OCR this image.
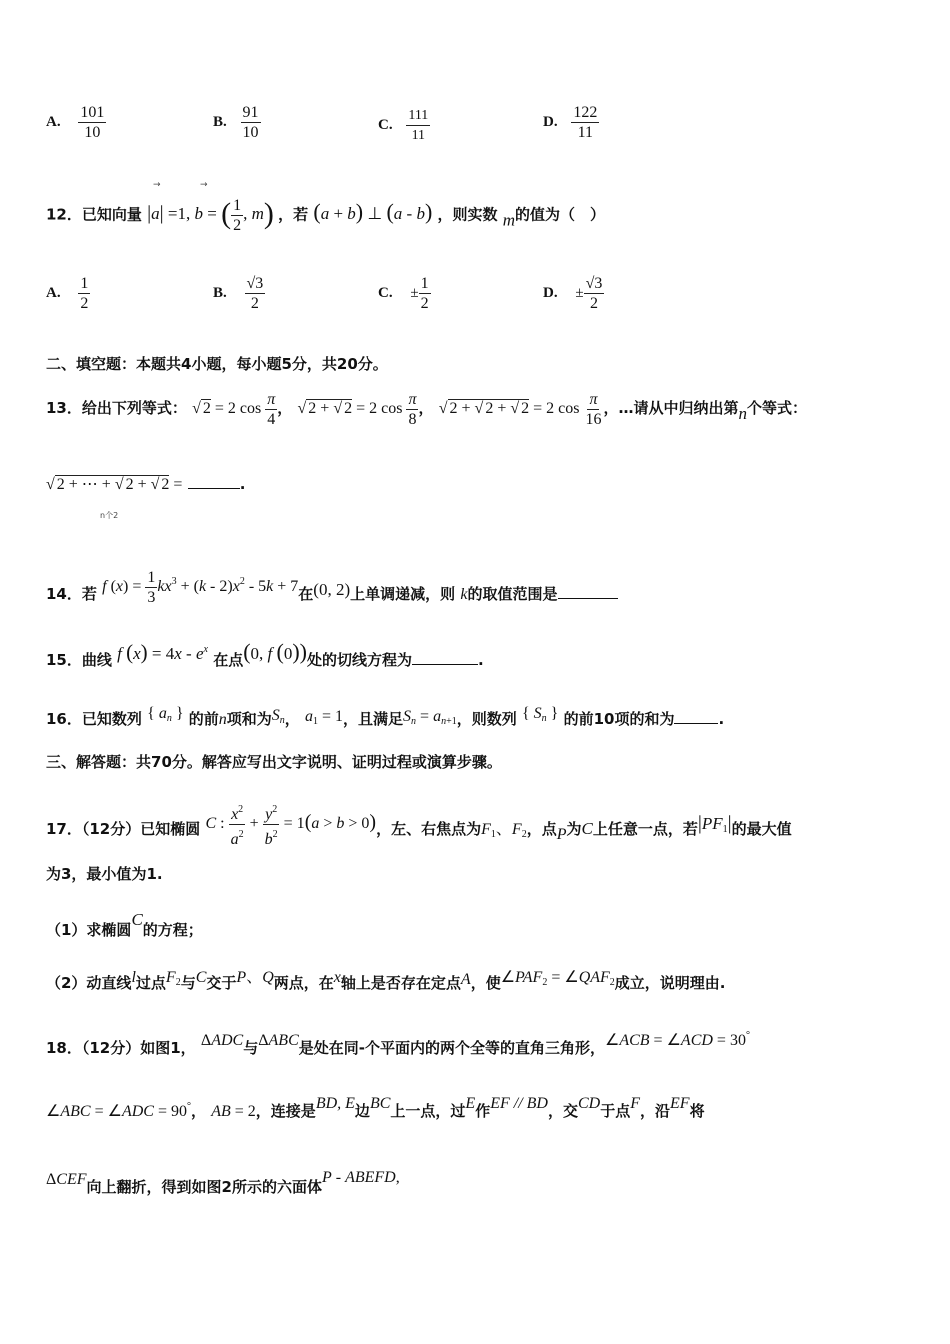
A. $\frac{101}{10}$	B. $\frac{91}{10}$	C. $\frac{111}{11}$	D. $\frac{122}{11}$
12．已知向量 |a| =1, b = ( $\frac{1}{2}$ , m) ，若 (a + b) ⊥ (a - b) ，则实数 m的值为（　）
→	→
A. $\frac{1}{2}$	B. $\frac{√3}{2}$	C. ± $\frac{1}{2}$	D. ± $\frac{√3}{2}$
二、填空题：本题共4小题，每小题5分，共20分。
13．给出下列等式： √ 2 = 2 $\cos \frac{\pi}{4}$ ， √ 2 + √ 2 = 2 $\cos \frac{\pi}{8}$ ， √ 2 + √ 2 + √ 2 = 2 $\cos \frac{\pi}{16}$ ，…请从中归纳出第n个等式：
√ 2 + ⋯ + √ 2 + √ 2 =	.
n个2
14．若 f $(x) = \frac{1}{3} kx^3 + (k - 2)x^2 - 5k + 7$在(0, 2)上单调递减，则 k的取值范围是
15．曲线 f $(x) = 4x - e^x$ 在点(0, f (0))处的切线方程为	.
16．已知数列 { $a_n$ } 的前n项和为$S_n$， $a_1 = 1$，且满足$S_n = a_{n+1}$，则数列 { $S_n$ } 的前10项的和为	.
三、解答题：共70分。解答应写出文字说明、证明过程或演算步骤。
17．（12分）已知椭圆 C : $\frac{x^2}{a^2} + \frac{y^2}{b^2} = 1(a > b > 0)$，左、右焦点为$F_1$、$F_2$，点P为C上任意一点，若$|PF_1|$的最大值
为3，最小值为1.
（1）求椭圆C的方程；
（2）动直线l过点$F_2$与C交于P、Q两点，在x轴上是否存在定点A，使$\angle PAF_2$ = $\angle QAF_2$成立，说明理由.
18．（12分）如图1， ΔADC与ΔABC是处在同-个平面内的两个全等的直角三角形，∠ACB = ∠ACD = 30°
∠ABC = ∠ADC = 90°， AB = 2，连接是BD, E边BC上一点，过E作EF // BD，交CD于点F，沿EF将
ΔCEF向上翻折，得到如图2所示的六面体P - ABEFD,
